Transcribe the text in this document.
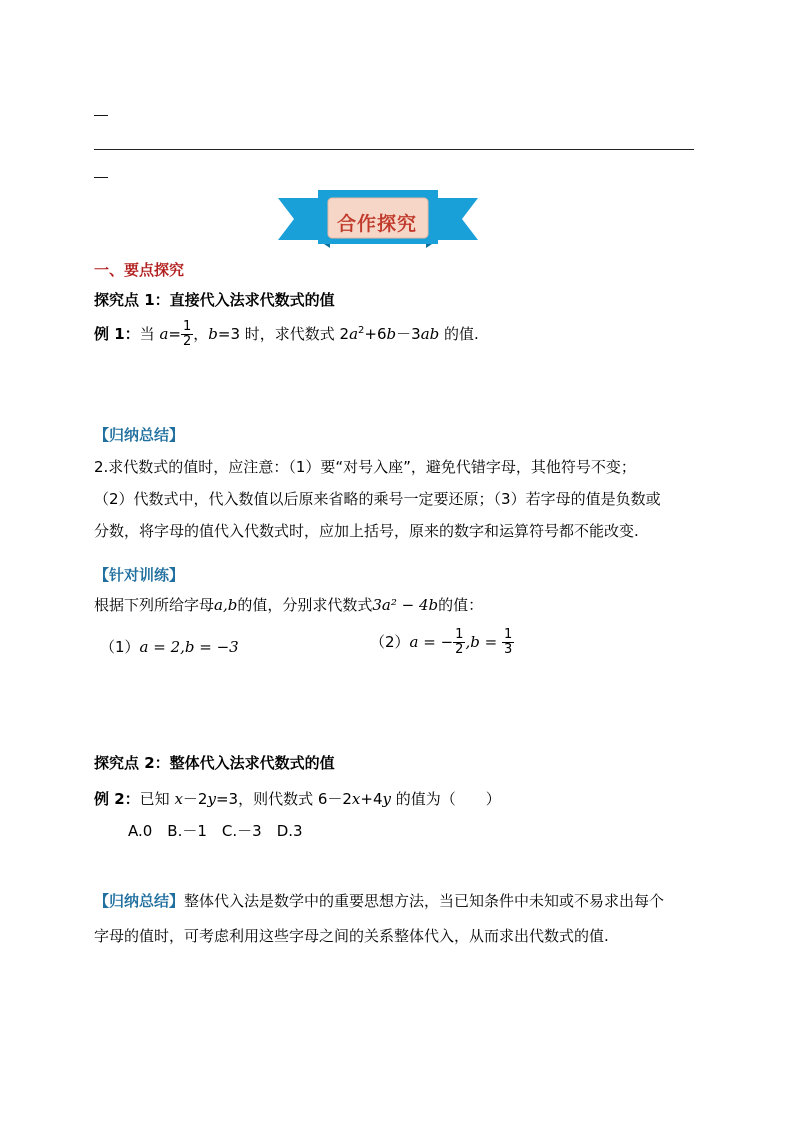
—
—
合作探究
一、要点探究
探究点 1：直接代入法求代数式的值
例 1：当 $a= \frac{1}{2}$ ，b=3 时，求代数式 $2a^2+6b-3ab$ 的值.
【归纳总结】
2.求代数式的值时，应注意：（1）要“对号入座”，避免代错字母，其他符号不变；
（2）代数式中，代入数值以后原来省略的乘号一定要还原；（3）若字母的值是负数或
分数，将字母的值代入代数式时，应加上括号，原来的数字和运算符号都不能改变.
【针对训练】
根据下列所给字母a,b的值，分别求代数式3a² − 4b的值：
（1）a = 2,b = −3	（2）a = − $\frac{1}{2} ,b = \frac{1}{3}$
探究点 2：整体代入法求代数式的值
例 2：已知 x－2y=3，则代数式 6－2x+4y 的值为（　　）
A.0　B.－1　C.－3　D.3
【归纳总结】整体代入法是数学中的重要思想方法，当已知条件中未知或不易求出每个
字母的值时，可考虑利用这些字母之间的关系整体代入，从而求出代数式的值.
